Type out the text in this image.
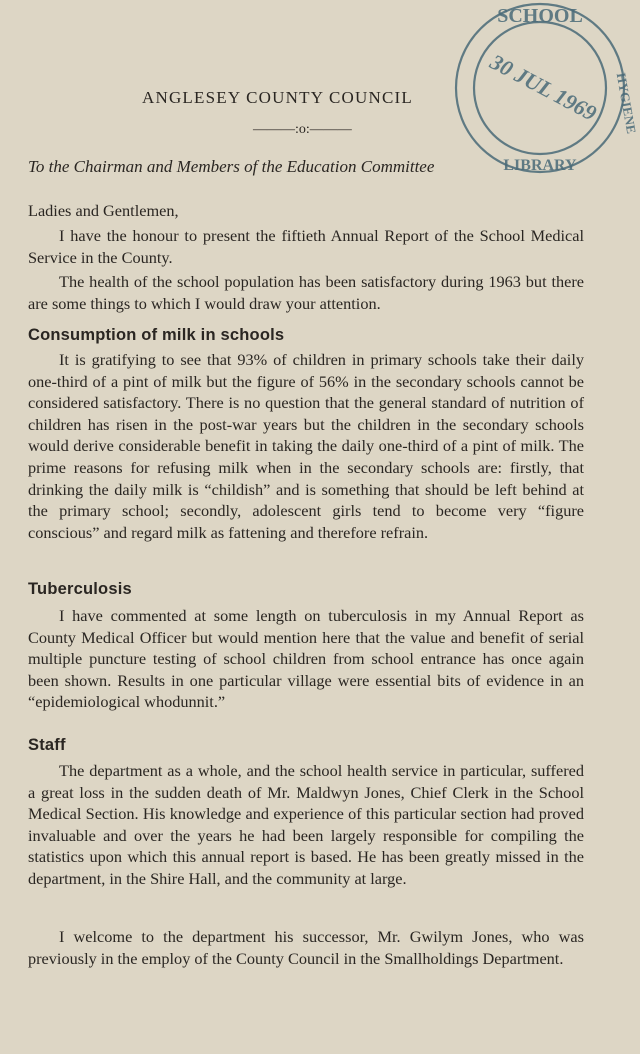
ANGLESEY COUNTY COUNCIL
———:o:———

To the Chairman and Members of the Education Committee

SCHOOL
HYGIENE
30 JUL 1969
LIBRARY

Ladies and Gentlemen,

I have the honour to present the fiftieth Annual Report of the School Medical Service in the County.

The health of the school population has been satisfactory during 1963 but there are some things to which I would draw your attention.

Consumption of milk in schools

It is gratifying to see that 93% of children in primary schools take their daily one-third of a pint of milk but the figure of 56% in the secondary schools cannot be considered satisfactory. There is no question that the general standard of nutrition of children has risen in the post-war years but the children in the secondary schools would derive considerable benefit in taking the daily one-third of a pint of milk. The prime reasons for refusing milk when in the secondary schools are: firstly, that drinking the daily milk is “childish” and is something that should be left behind at the primary school; secondly, adolescent girls tend to become very “figure conscious” and regard milk as fattening and therefore refrain.

Tuberculosis

I have commented at some length on tuberculosis in my Annual Report as County Medical Officer but would mention here that the value and benefit of serial multiple puncture testing of school children from school entrance has once again been shown. Results in one particular village were essential bits of evidence in an “epidemiological whodunnit.”

Staff

The department as a whole, and the school health service in particular, suffered a great loss in the sudden death of Mr. Maldwyn Jones, Chief Clerk in the School Medical Section. His knowledge and experience of this particular section had proved invaluable and over the years he had been largely responsible for compiling the statistics upon which this annual report is based. He has been greatly missed in the department, in the Shire Hall, and the community at large.

I welcome to the department his successor, Mr. Gwilym Jones, who was previously in the employ of the County Council in the Smallholdings Department.
